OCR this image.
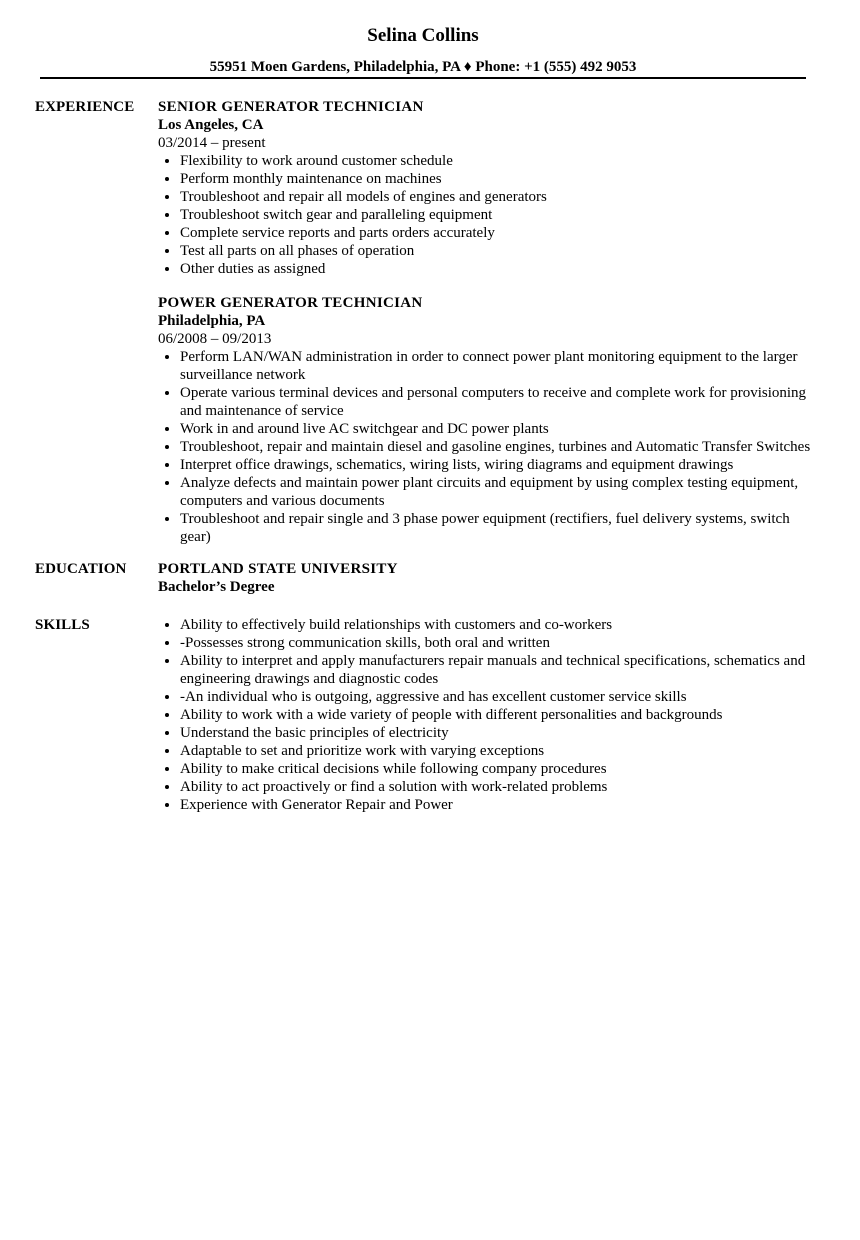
Selina Collins
55951 Moen Gardens, Philadelphia, PA ♦ Phone: +1 (555) 492 9053
EXPERIENCE SENIOR GENERATOR TECHNICIAN
Los Angeles, CA
03/2014 – present
Flexibility to work around customer schedule
Perform monthly maintenance on machines
Troubleshoot and repair all models of engines and generators
Troubleshoot switch gear and paralleling equipment
Complete service reports and parts orders accurately
Test all parts on all phases of operation
Other duties as assigned
POWER GENERATOR TECHNICIAN
Philadelphia, PA
06/2008 – 09/2013
Perform LAN/WAN administration in order to connect power plant monitoring equipment to the larger surveillance network
Operate various terminal devices and personal computers to receive and complete work for provisioning and maintenance of service
Work in and around live AC switchgear and DC power plants
Troubleshoot, repair and maintain diesel and gasoline engines, turbines and Automatic Transfer Switches
Interpret office drawings, schematics, wiring lists, wiring diagrams and equipment drawings
Analyze defects and maintain power plant circuits and equipment by using complex testing equipment, computers and various documents
Troubleshoot and repair single and 3 phase power equipment (rectifiers, fuel delivery systems, switch gear)
EDUCATION PORTLAND STATE UNIVERSITY
Bachelor’s Degree
SKILLS	Ability to effectively build relationships with customers and co-workers
-Possesses strong communication skills, both oral and written
Ability to interpret and apply manufacturers repair manuals and technical specifications, schematics and engineering drawings and diagnostic codes
-An individual who is outgoing, aggressive and has excellent customer service skills
Ability to work with a wide variety of people with different personalities and backgrounds
Understand the basic principles of electricity
Adaptable to set and prioritize work with varying exceptions
Ability to make critical decisions while following company procedures
Ability to act proactively or find a solution with work-related problems
Experience with Generator Repair and Power
